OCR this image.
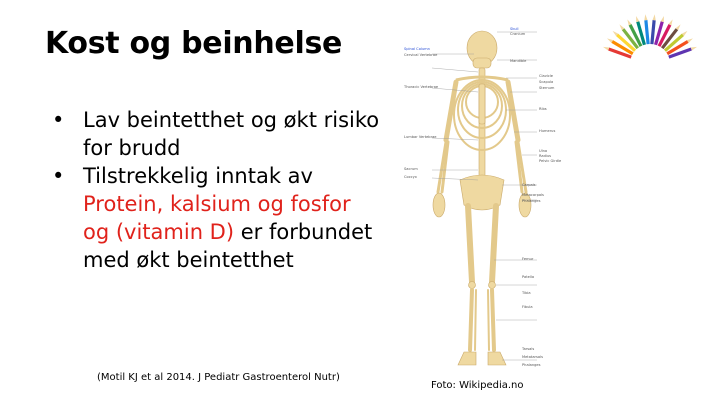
Kost og beinhelse

• Lav beintetthet og økt risiko for brudd

• Tilstrekkelig inntak av Protein, kalsium og fosfor og (vitamin D) er forbundet med økt beintetthet

(Motil KJ et al 2014. J Pediatr Gastroenterol Nutr)
Foto: Wikipedia.no
Spinal Column
Cervical Vertebrae
Thoracic Vertebrae
Lumbar Vertebrae
Sacrum
Coccyx
Skull
Cranium
Mandible
Clavicle
Scapula
Sternum
Ribs
Humerus
Ulna
Radius
Pelvic Girdle
Carpals
Metacarpals
Phalanges
Femur
Patella
Tibia
Fibula
Tarsals
Metatarsals
Phalanges
